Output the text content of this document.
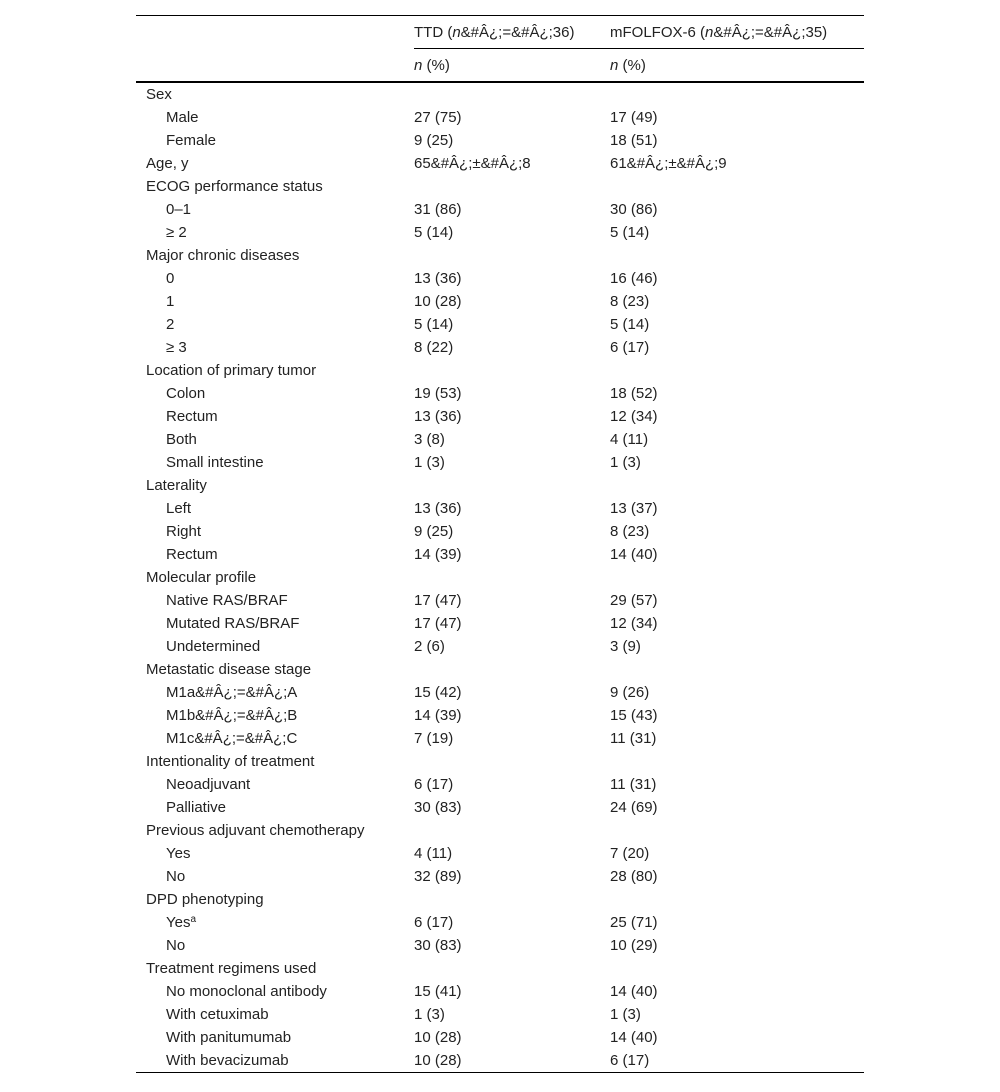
	TTD (n&#Â¿;=&#Â¿;36)	mFOLFOX-6 (n&#Â¿;=&#Â¿;35)
	n (%)	n (%)
Sex		
Male	27 (75)	17 (49)
Female	9 (25)	18 (51)
Age, y	65&#Â¿;±&#Â¿;8	61&#Â¿;±&#Â¿;9
ECOG performance status		
0–1	31 (86)	30 (86)
≥ 2	5 (14)	5 (14)
Major chronic diseases		
0	13 (36)	16 (46)
1	10 (28)	8 (23)
2	5 (14)	5 (14)
≥ 3	8 (22)	6 (17)
Location of primary tumor		
Colon	19 (53)	18 (52)
Rectum	13 (36)	12 (34)
Both	3 (8)	4 (11)
Small intestine	1 (3)	1 (3)
Laterality		
Left	13 (36)	13 (37)
Right	9 (25)	8 (23)
Rectum	14 (39)	14 (40)
Molecular profile		
Native RAS/BRAF	17 (47)	29 (57)
Mutated RAS/BRAF	17 (47)	12 (34)
Undetermined	2 (6)	3 (9)
Metastatic disease stage		
M1a&#Â¿;=&#Â¿;A	15 (42)	9 (26)
M1b&#Â¿;=&#Â¿;B	14 (39)	15 (43)
M1c&#Â¿;=&#Â¿;C	7 (19)	11 (31)
Intentionality of treatment		
Neoadjuvant	6 (17)	11 (31)
Palliative	30 (83)	24 (69)
Previous adjuvant chemotherapy		
Yes	4 (11)	7 (20)
No	32 (89)	28 (80)
DPD phenotyping		
Yes$^a$	6 (17)	25 (71)
No	30 (83)	10 (29)
Treatment regimens used		
No monoclonal antibody	15 (41)	14 (40)
With cetuximab	1 (3)	1 (3)
With panitumumab	10 (28)	14 (40)
With bevacizumab	10 (28)	6 (17)
